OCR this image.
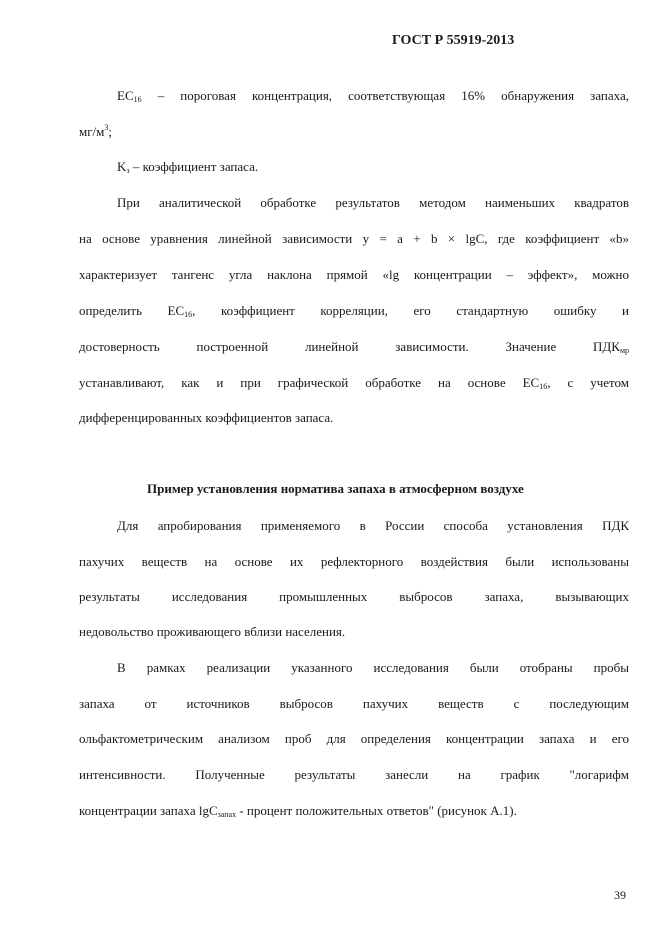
ГОСТ Р 55919-2013
$EC_{16}$ – пороговая концентрация, соответствующая 16% обнаружения запаха,
$мг/м^3$;
$K_з$ – коэффициент запаса.
При аналитической обработке результатов методом наименьших квадратов
на основе уравнения линейной зависимости y = a + b × lgC, где коэффициент «b»
характеризует тангенс угла наклона прямой «lg концентрации – эффект», можно
определить $EC_{16}$, коэффициент корреляции, его стандартную ошибку и
достоверность построенной линейной зависимости. Значение $ПДК_{мр}$
устанавливают, как и при графической обработке на основе $EC_{16}$, с учетом
дифференцированных коэффициентов запаса.
Для апробирования применяемого в России способа установления ПДК
пахучих веществ на основе их рефлекторного воздействия были использованы
результаты исследования промышленных выбросов запаха, вызывающих
недовольство проживающего вблизи населения.
В рамках реализации указанного исследования были отобраны пробы
запаха от источников выбросов пахучих веществ с последующим
ольфактометрическим анализом проб для определения концентрации запаха и его
интенсивности. Полученные результаты занесли на график "логарифм
концентрации запаха lgC$_{запах}$ - процент положительных ответов" (рисунок А.1).
Пример установления норматива запаха в атмосферном воздухе
39
